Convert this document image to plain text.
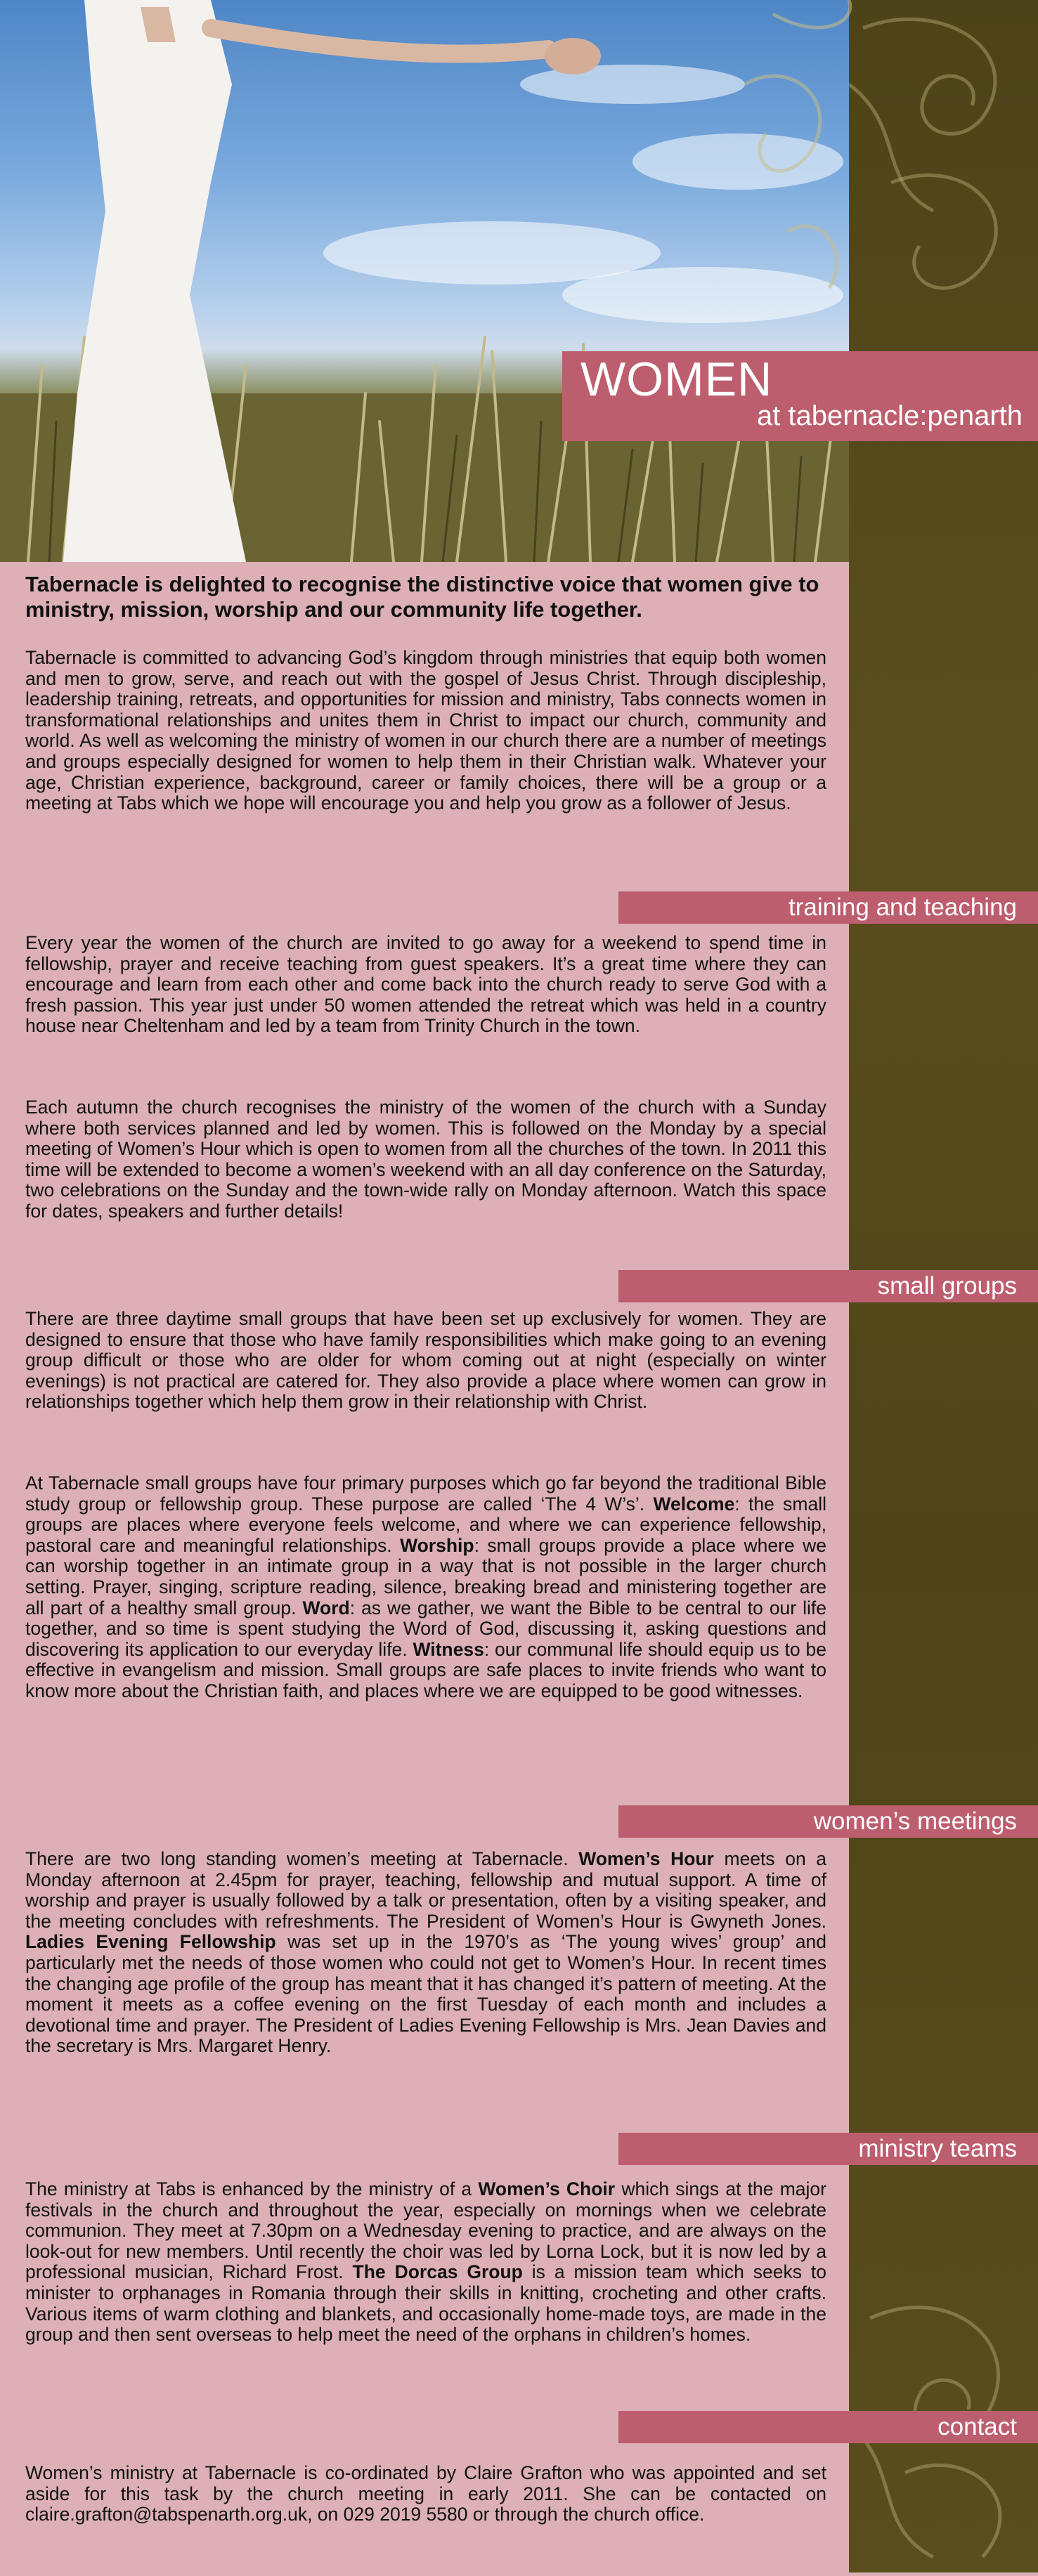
WOMEN
at tabernacle:penarth
Tabernacle is delighted to recognise the distinctive voice that women give to ministry, mission, worship and our community life together.
Tabernacle is committed to advancing God’s kingdom through ministries that equip both women and men to grow, serve, and reach out with the gospel of Jesus Christ. Through discipleship, leadership training, retreats, and opportunities for mission and ministry, Tabs connects women in transformational relationships and unites them in Christ to impact our church, community and world. As well as welcoming the ministry of women in our church there are a number of meetings and groups especially designed for women to help them in their Christian walk. Whatever your age, Christian experience, background, career or family choices, there will be a group or a meeting at Tabs which we hope will encourage you and help you grow as a follower of Jesus.
training and teaching
Every year the women of the church are invited to go away for a weekend to spend time in fellowship, prayer and receive teaching from guest speakers. It’s a great time where they can encourage and learn from each other and come back into the church ready to serve God with a fresh passion. This year just under 50 women attended the retreat which was held in a country house near Cheltenham and led by a team from Trinity Church in the town.
Each autumn the church recognises the ministry of the women of the church with a Sunday where both services planned and led by women. This is followed on the Monday by a special meeting of Women’s Hour which is open to women from all the churches of the town. In 2011 this time will be extended to become a women’s weekend with an all day conference on the Saturday, two celebrations on the Sunday and the town-wide rally on Monday afternoon. Watch this space for dates, speakers and further details!
small groups
There are three daytime small groups that have been set up exclusively for women. They are designed to ensure that those who have family responsibilities which make going to an evening group difficult or those who are older for whom coming out at night (especially on winter evenings) is not practical are catered for. They also provide a place where women can grow in relationships together which help them grow in their relationship with Christ.
At Tabernacle small groups have four primary purposes which go far beyond the traditional Bible study group or fellowship group. These purpose are called ‘The 4 W’s’. Welcome: the small groups are places where everyone feels welcome, and where we can experience fellowship, pastoral care and meaningful relationships. Worship: small groups provide a place where we can worship together in an intimate group in a way that is not possible in the larger church setting. Prayer, singing, scripture reading, silence, breaking bread and ministering together are all part of a healthy small group. Word: as we gather, we want the Bible to be central to our life together, and so time is spent studying the Word of God, discussing it, asking questions and discovering its application to our everyday life. Witness: our communal life should equip us to be effective in evangelism and mission. Small groups are safe places to invite friends who want to know more about the Christian faith, and places where we are equipped to be good witnesses.
women’s meetings
There are two long standing women’s meeting at Tabernacle. Women’s Hour meets on a Monday afternoon at 2.45pm for prayer, teaching, fellowship and mutual support. A time of worship and prayer is usually followed by a talk or presentation, often by a visiting speaker, and the meeting concludes with refreshments. The President of Women’s Hour is Gwyneth Jones. Ladies Evening Fellowship was set up in the 1970’s as ‘The young wives’ group’ and particularly met the needs of those women who could not get to Women’s Hour. In recent times the changing age profile of the group has meant that it has changed it’s pattern of meeting. At the moment it meets as a coffee evening on the first Tuesday of each month and includes a devotional time and prayer. The President of Ladies Evening Fellowship is Mrs. Jean Davies and the secretary is Mrs. Margaret Henry.
ministry teams
The ministry at Tabs is enhanced by the ministry of a Women’s Choir which sings at the major festivals in the church and throughout the year, especially on mornings when we celebrate communion. They meet at 7.30pm on a Wednesday evening to practice, and are always on the look-out for new members. Until recently the choir was led by Lorna Lock, but it is now led by a professional musician, Richard Frost. The Dorcas Group is a mission team which seeks to minister to orphanages in Romania through their skills in knitting, crocheting and other crafts. Various items of warm clothing and blankets, and occasionally home-made toys, are made in the group and then sent overseas to help meet the need of the orphans in children’s homes.
contact
Women’s ministry at Tabernacle is co-ordinated by Claire Grafton who was appointed and set aside for this task by the church meeting in early 2011. She can be contacted on claire.grafton@tabspenarth.org.uk, on 029 2019 5580 or through the church office.
